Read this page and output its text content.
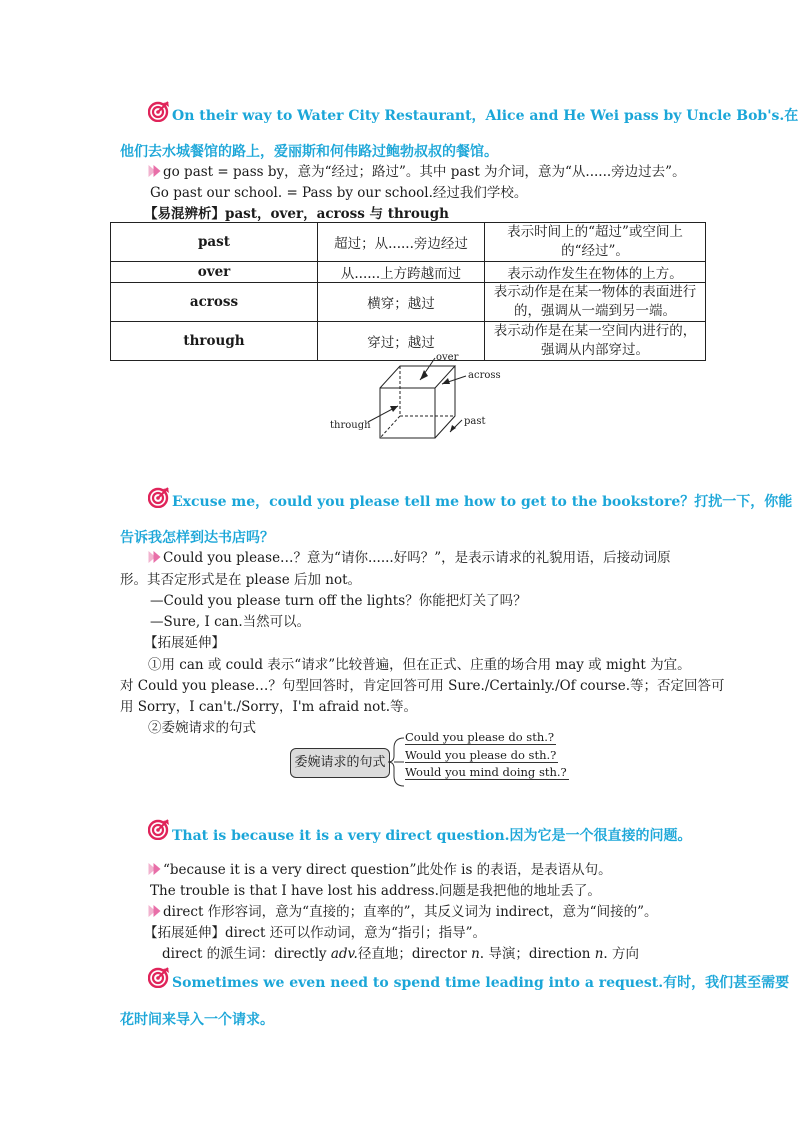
On their way to Water City Restaurant，Alice and He Wei pass by Uncle Bob's.在
他们去水城餐馆的路上，爱丽斯和何伟路过鲍勃叔叔的餐馆。
go past = pass by，意为“经过；路过”。其中 past 为介词，意为“从......旁边过去”。
Go past our school. = Pass by our school.经过我们学校。
【易混辨析】past，over，across 与 through
past	超过；从......旁边经过	表示时间上的“超过”或空间上的“经过”。
over	从......上方跨越而过	表示动作发生在物体的上方。
across	横穿；越过	表示动作是在某一物体的表面进行的，强调从一端到另一端。
through	穿过；越过	表示动作是在某一空间内进行的，强调从内部穿过。
over
across
through	past
Excuse me，could you please tell me how to get to the bookstore？打扰一下，你能
告诉我怎样到达书店吗？
Could you please…？意为“请你......好吗？”，是表示请求的礼貌用语，后接动词原
形。其否定形式是在 please 后加 not。
—Could you please turn off the lights？你能把灯关了吗？
—Sure, I can.当然可以。
【拓展延伸】
①用 can 或 could 表示“请求”比较普遍，但在正式、庄重的场合用 may 或 might 为宜。
对 Could you please…？句型回答时，肯定回答可用 Sure./Certainly./Of course.等；否定回答可
用 Sorry，I can't./Sorry，I'm afraid not.等。
②委婉请求的句式
委婉请求的句式
Could you please do sth.?
Would you please do sth.?
Would you mind doing sth.?
That is because it is a very direct question.因为它是一个很直接的问题。
“because it is a very direct question”此处作 is 的表语，是表语从句。
The trouble is that I have lost his address.问题是我把他的地址丢了。
direct 作形容词，意为“直接的；直率的”，其反义词为 indirect，意为“间接的”。
【拓展延伸】direct 还可以作动词，意为“指引；指导”。
direct 的派生词：directly adv.径直地；director n. 导演；direction n. 方向
Sometimes we even need to spend time leading into a request.有时，我们甚至需要
花时间来导入一个请求。
